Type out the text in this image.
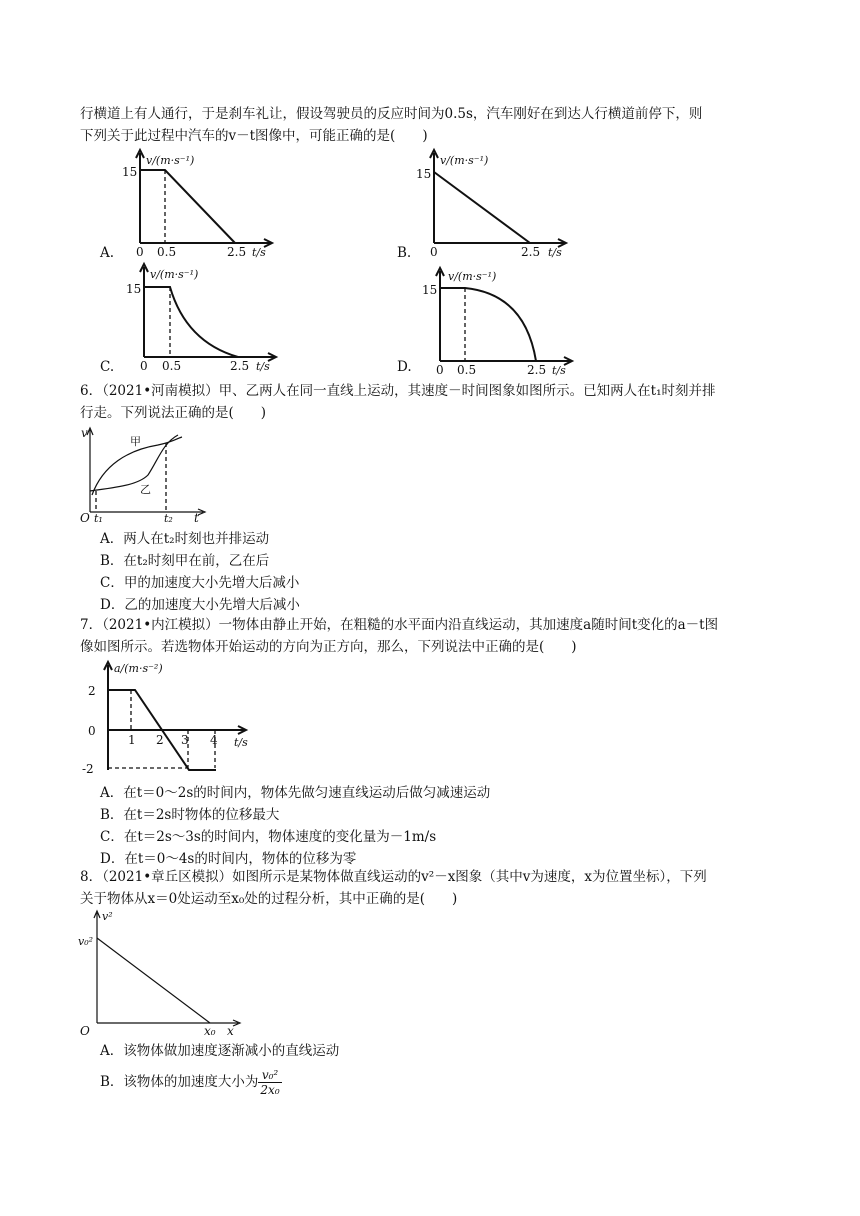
行横道上有人通行，于是刹车礼让，假设驾驶员的反应时间为0.5s，汽车刚好在到达人行横道前停下，则
下列关于此过程中汽车的v－t图像中，可能正确的是(　　)
15
v/(m·s⁻¹)
0 0.5	2.5 t/s
A.
15
v/(m·s⁻¹)
0	2.5 t/s
B.
15
v/(m·s⁻¹)
0 0.5	2.5 t/s
C.
15
v/(m·s⁻¹)
0 0.5	2.5 t/s
D.
6．（2021•河南模拟）甲、乙两人在同一直线上运动，其速度－时间图象如图所示。已知两人在t₁时刻并排
行走。下列说法正确的是(　　)
v
O t₁	t₂ t
甲
乙
A．两人在t₂时刻也并排运动
B．在t₂时刻甲在前，乙在后
C．甲的加速度大小先增大后减小
D．乙的加速度大小先增大后减小
7．（2021•内江模拟）一物体由静止开始，在粗糙的水平面内沿直线运动，其加速度a随时间t变化的a－t图
像如图所示。若选物体开始运动的方向为正方向，那么，下列说法中正确的是(　　)
a/(m·s⁻²)
2
0
-2
1 2 3 4 t/s
A．在t＝0～2s的时间内，物体先做匀速直线运动后做匀减速运动
B．在t＝2s时物体的位移最大
C．在t＝2s～3s的时间内，物体速度的变化量为－1m/s
D．在t＝0～4s的时间内，物体的位移为零
8．（2021•章丘区模拟）如图所示是某物体做直线运动的v²－x图象（其中v为速度，x为位置坐标），下列
关于物体从x＝0处运动至x₀处的过程分析，其中正确的是(　　)
v²
v₀²
O	x₀ x
A．该物体做加速度逐渐减小的直线运动
B．该物体的加速度大小为 $\frac{\text{v₀²}}{\text{2x₀}}$
